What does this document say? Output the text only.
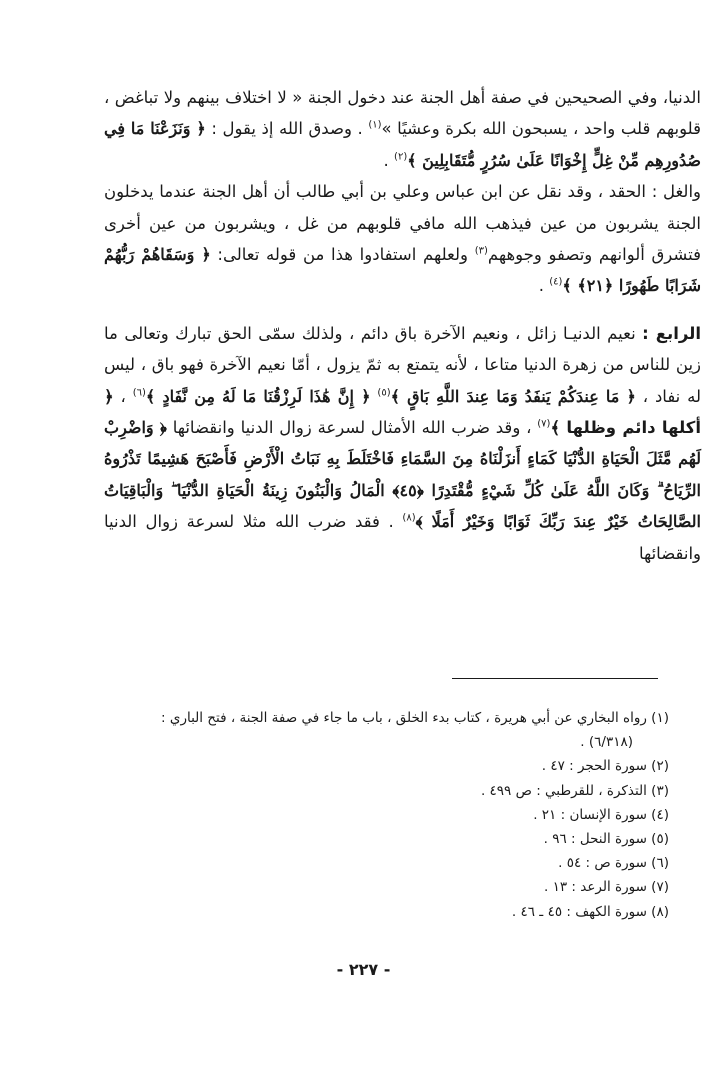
الدنيا، وفي الصحيحين في صفة أهل الجنة عند دخول الجنة « لا اختلاف بينهم ولا تباغض ، قلوبهم قلب واحد ، يسبحون الله بكرة وعشيًا »$^{(١)}$ . وصدق الله إذ يقول : ﴿ وَنَزَعْنَا مَا فِي صُدُورِهِم مِّنْ غِلٍّ إِخْوَانًا عَلَىٰ سُرُرٍ مُّتَقَابِلِينَ ﴾$^{(٢)}$ .

والغل : الحقد ، وقد نقل عن ابن عباس وعلي بن أبي طالب أن أهل الجنة عندما يدخلون الجنة يشربون من عين فيذهب الله مافي قلوبهم من غل ، ويشربون من عين أخرى فتشرق ألوانهم وتصفو وجوههم$^{(٣)}$ ولعلهم استفادوا هذا من قوله تعالى: ﴿ وَسَقَاهُمْ رَبُّهُمْ شَرَابًا طَهُورًا ﴿٢١﴾ ﴾$^{(٤)}$ .

الرابع : نعيم الدنيـا زائل ، ونعيم الآخرة باق دائم ، ولذلك سمّى الحق تبارك وتعالى ما زين للناس من زهرة الدنيا متاعا ، لأنه يتمتع به ثمّ يزول ، أمّا نعيم الآخرة فهو باق ، ليس له نفاد ، ﴿ مَا عِندَكُمْ يَنفَدُ وَمَا عِندَ اللَّهِ بَاقٍ ﴾$^{(٥)}$ ﴿ إِنَّ هَٰذَا لَرِزْقُنَا مَا لَهُ مِن نَّفَادٍ ﴾$^{(٦)}$ ، ﴿ أكلها دائم وظلها ﴾$^{(٧)}$ ، وقد ضرب الله الأمثال لسرعة زوال الدنيا وانقضائها ﴿ وَاضْرِبْ لَهُم مَّثَلَ الْحَيَاةِ الدُّنْيَا كَمَاءٍ أَنزَلْنَاهُ مِنَ السَّمَاءِ فَاخْتَلَطَ بِهِ نَبَاتُ الْأَرْضِ فَأَصْبَحَ هَشِيمًا تَذْرُوهُ الرِّيَاحُ ۗ وَكَانَ اللَّهُ عَلَىٰ كُلِّ شَيْءٍ مُّقْتَدِرًا ﴿٤٥﴾ الْمَالُ وَالْبَنُونَ زِينَةُ الْحَيَاةِ الدُّنْيَا ۖ وَالْبَاقِيَاتُ الصَّالِحَاتُ خَيْرٌ عِندَ رَبِّكَ ثَوَابًا وَخَيْرٌ أَمَلًا ﴾$^{(٨)}$ . فقد ضرب الله مثلا لسرعة زوال الدنيا وانقضائها

(١) رواه البخاري عن أبي هريرة ، كتاب بدء الخلق ، باب ما جاء في صفة الجنة ، فتح الباري :
(٦/٣١٨) .
(٢) سورة الحجر : ٤٧ .
(٣) التذكرة ، للقرطبي : ص ٤٩٩ .
(٤) سورة الإنسان : ٢١ .
(٥) سورة النحل : ٩٦ .
(٦) سورة ص : ٥٤ .
(٧) سورة الرعد : ١٣ .
(٨) سورة الكهف : ٤٥ ـ ٤٦ .
- ٢٢٧ -
